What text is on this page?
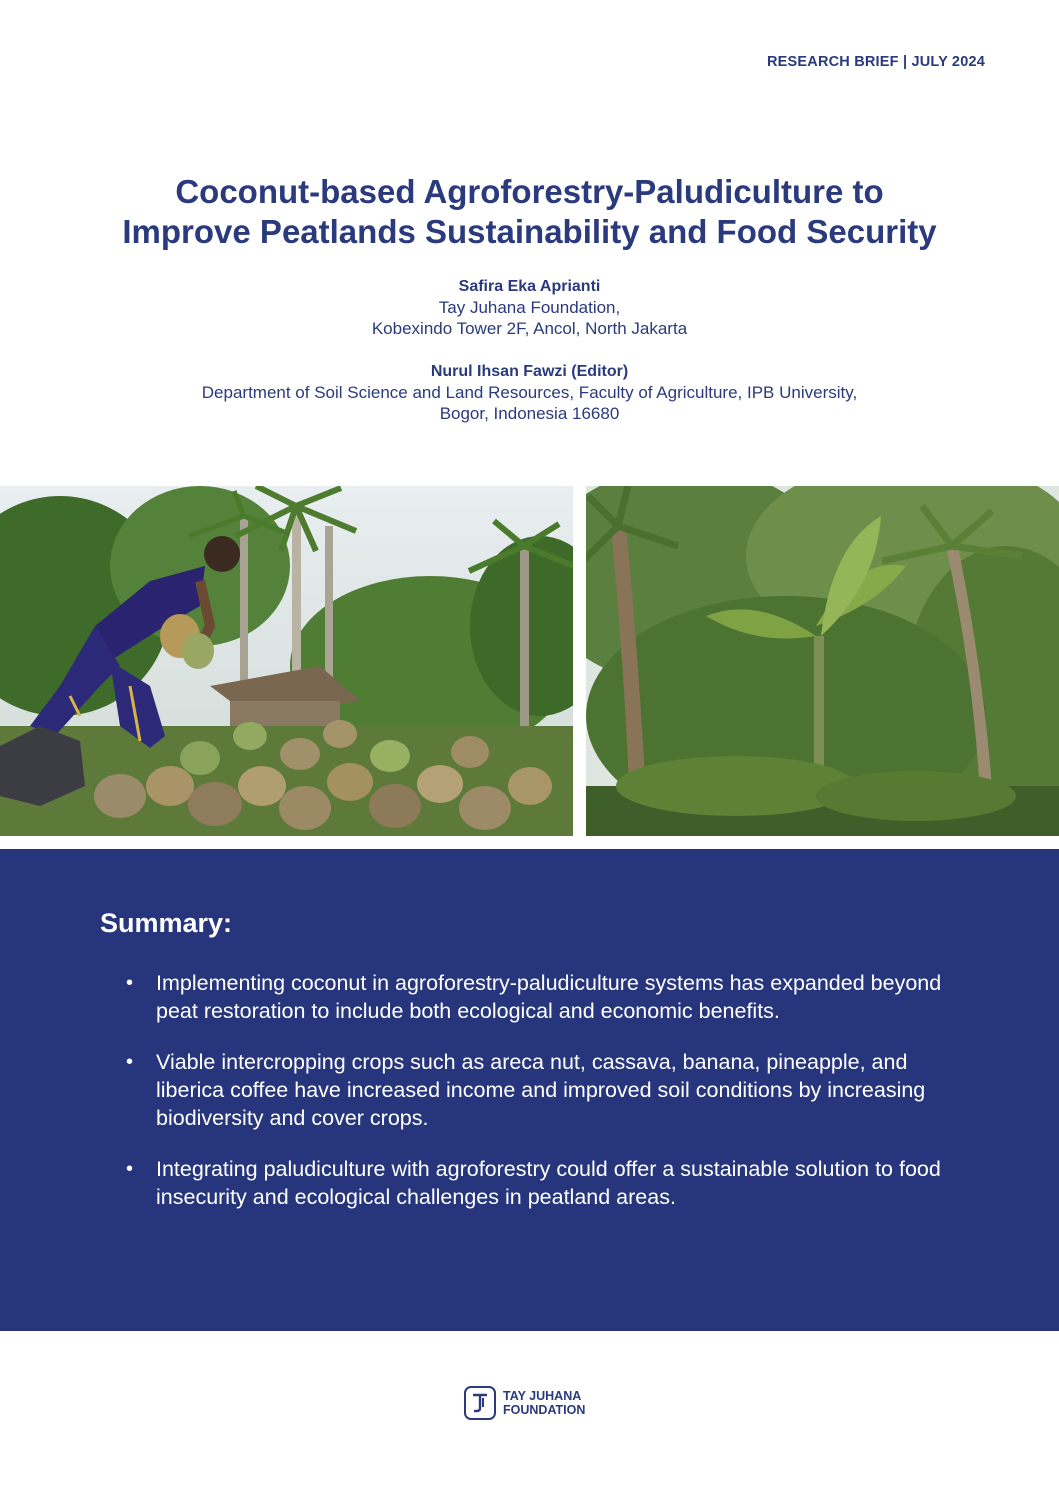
RESEARCH BRIEF | JULY 2024
Coconut-based Agroforestry-Paludiculture to
Improve Peatlands Sustainability and Food Security
Safira Eka Aprianti
Tay Juhana Foundation,
Kobexindo Tower 2F, Ancol, North Jakarta
Nurul Ihsan Fawzi (Editor)
Department of Soil Science and Land Resources, Faculty of Agriculture, IPB University,
Bogor, Indonesia 16680
Summary:
• Implementing coconut in agroforestry-paludiculture systems has expanded beyond peat restoration to include both ecological and economic benefits.
• Viable intercropping crops such as areca nut, cassava, banana, pineapple, and liberica coffee have increased income and improved soil conditions by increasing biodiversity and cover crops.
• Integrating paludiculture with agroforestry could offer a sustainable solution to food insecurity and ecological challenges in peatland areas.
TAY JUHANA
FOUNDATION
